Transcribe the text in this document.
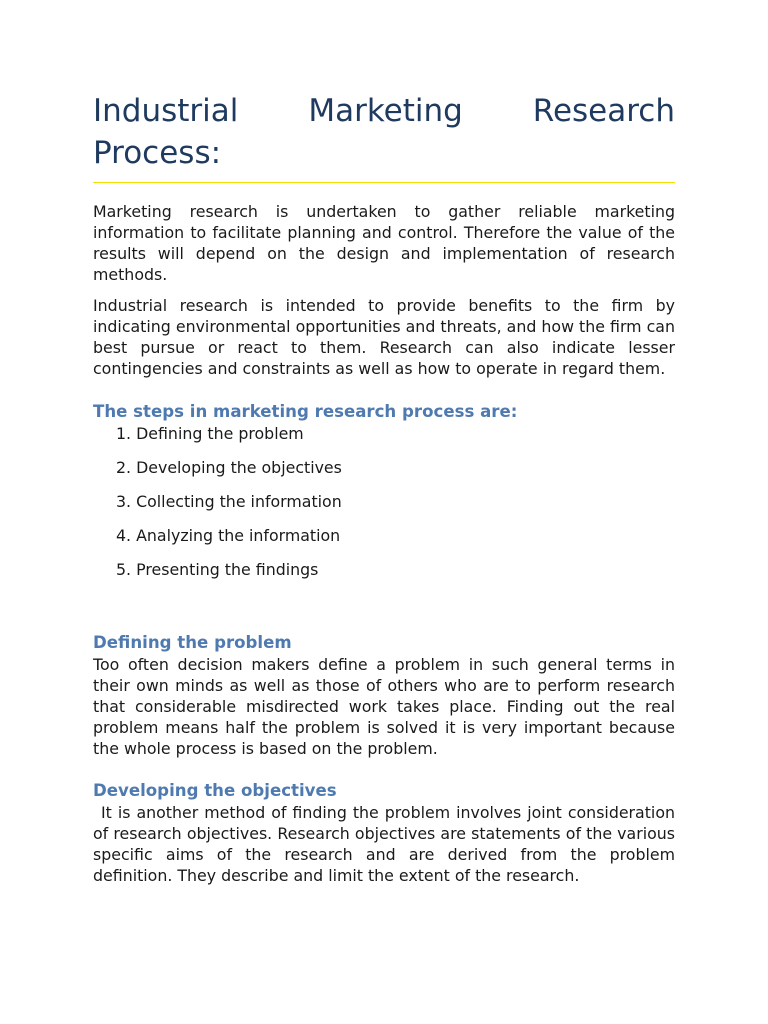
Industrial Marketing Research
Process:

Marketing research is undertaken to gather reliable marketing information to facilitate planning and control. Therefore the value of the results will depend on the design and implementation of research methods.

Industrial research is intended to provide benefits to the firm by indicating environmental opportunities and threats, and how the firm can best pursue or react to them. Research can also indicate lesser contingencies and constraints as well as how to operate in regard them.

The steps in marketing research process are:
1. Defining the problem
2. Developing the objectives
3. Collecting the information
4. Analyzing the information
5. Presenting the findings
Defining the problem

Too often decision makers define a problem in such general terms in their own minds as well as those of others who are to perform research that considerable misdirected work takes place. Finding out the real problem means half the problem is solved it is very important because the whole process is based on the problem.

Developing the objectives

It is another method of finding the problem involves joint consideration of research objectives. Research objectives are statements of the various specific aims of the research and are derived from the problem definition. They describe and limit the extent of the research.
